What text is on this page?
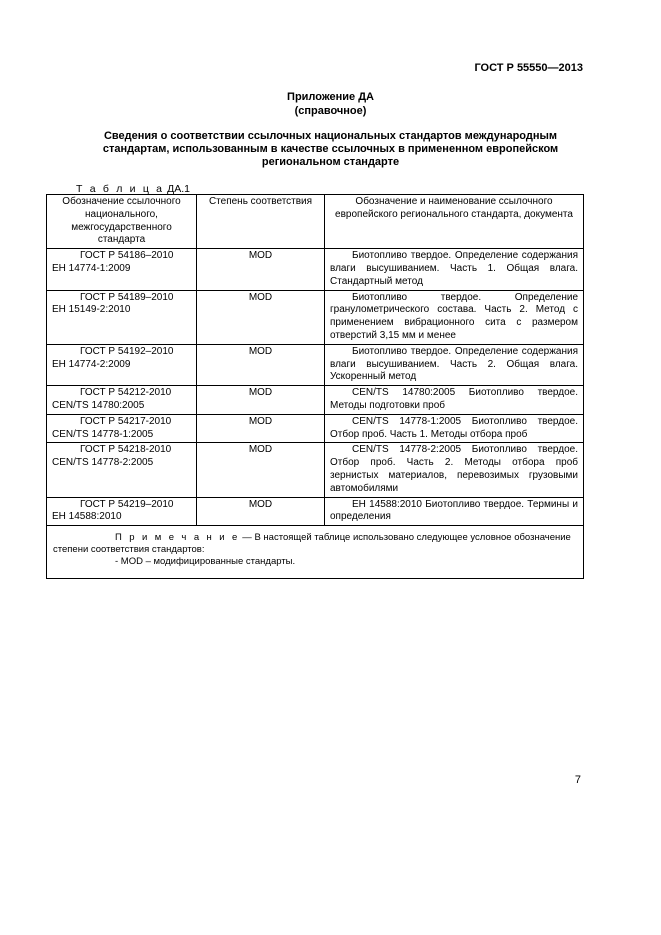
ГОСТ Р 55550—2013
Приложение ДА
(справочное)
Сведения о соответствии ссылочных национальных стандартов международным
стандартам, использованным в качестве ссылочных в примененном европейском
региональном стандарте
Т а б л и ц а ДА.1
Обозначение ссылочного национального, межгосударственного стандарта	Степень соответствия	Обозначение и наименование ссылочного европейского регионального стандарта, документа

ГОСТ Р 54186–2010
ЕН 14774-1:2009	MOD	Биотопливо твердое. Определение содержания влаги высушиванием. Часть 1. Общая влага. Стандартный метод

ГОСТ Р 54189–2010
ЕН 15149-2:2010	MOD	Биотопливо твердое. Определение гранулометрического состава. Часть 2. Метод с применением вибрационного сита с размером отверстий 3,15 мм и менее

ГОСТ Р 54192–2010
ЕН 14774-2:2009	MOD	Биотопливо твердое. Определение содержания влаги высушиванием. Часть 2. Общая влага. Ускоренный метод

ГОСТ Р 54212-2010
CEN/TS 14780:2005	MOD	CEN/TS 14780:2005 Биотопливо твердое. Методы подготовки проб

ГОСТ Р 54217-2010
CEN/TS 14778-1:2005	MOD	CEN/TS 14778-1:2005 Биотопливо твердое. Отбор проб. Часть 1. Методы отбора проб

ГОСТ Р 54218-2010
CEN/TS 14778-2:2005	MOD	CEN/TS 14778-2:2005 Биотопливо твердое. Отбор проб. Часть 2. Методы отбора проб зернистых материалов, перевозимых грузовыми автомобилями

ГОСТ Р 54219–2010
ЕН 14588:2010	MOD	ЕН 14588:2010 Биотопливо твердое. Термины и определения
П р и м е ч а н и е — В настоящей таблице использовано следующее условное обозначение степени соответствия стандартов:
- MOD – модифицированные стандарты.		
7
